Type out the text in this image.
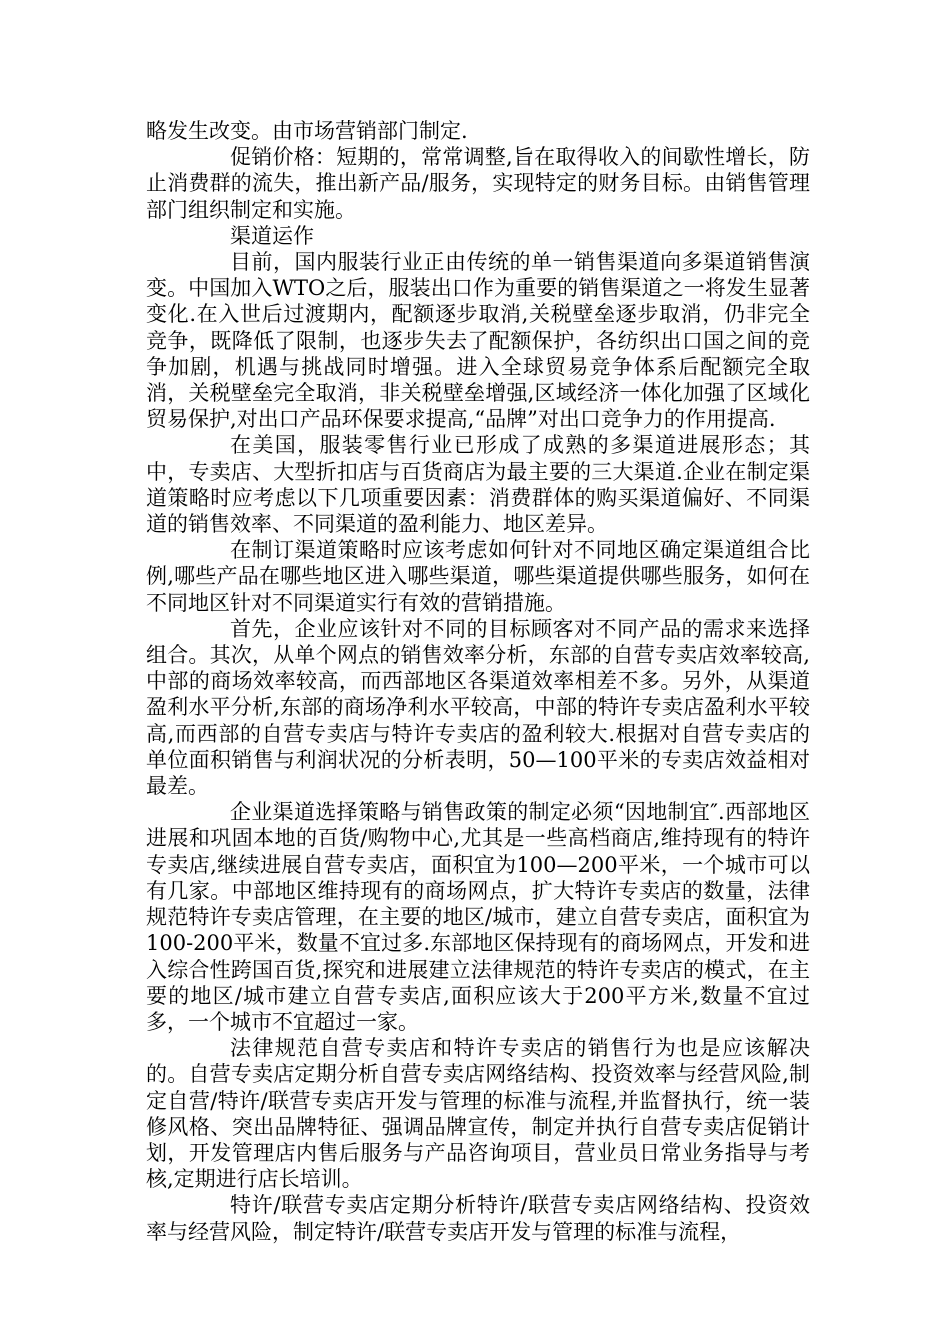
略发生改变。由市场营销部门制定.

促销价格：短期的，常常调整,旨在取得收入的间歇性增长，防止消费群的流失，推出新产品/服务，实现特定的财务目标。由销售管理部门组织制定和实施。

渠道运作

目前，国内服装行业正由传统的单一销售渠道向多渠道销售演变。中国加入WTO之后，服装出口作为重要的销售渠道之一将发生显著变化.在入世后过渡期内，配额逐步取消,关税壁垒逐步取消，仍非完全竞争，既降低了限制，也逐步失去了配额保护，各纺织出口国之间的竞争加剧，机遇与挑战同时增强。进入全球贸易竞争体系后配额完全取消，关税壁垒完全取消，非关税壁垒增强,区域经济一体化加强了区域化贸易保护,对出口产品环保要求提高,“品牌”对出口竞争力的作用提高.

在美国，服装零售行业已形成了成熟的多渠道进展形态；其中，专卖店、大型折扣店与百货商店为最主要的三大渠道.企业在制定渠道策略时应考虑以下几项重要因素：消费群体的购买渠道偏好、不同渠道的销售效率、不同渠道的盈利能力、地区差异。

在制订渠道策略时应该考虑如何针对不同地区确定渠道组合比例,哪些产品在哪些地区进入哪些渠道，哪些渠道提供哪些服务，如何在不同地区针对不同渠道实行有效的营销措施。

首先，企业应该针对不同的目标顾客对不同产品的需求来选择组合。其次，从单个网点的销售效率分析，东部的自营专卖店效率较高,中部的商场效率较高，而西部地区各渠道效率相差不多。另外，从渠道盈利水平分析,东部的商场净利水平较高，中部的特许专卖店盈利水平较高,而西部的自营专卖店与特许专卖店的盈利较大.根据对自营专卖店的单位面积销售与利润状况的分析表明，50—100平米的专卖店效益相对最差。

企业渠道选择策略与销售政策的制定必须“因地制宜″.西部地区进展和巩固本地的百货/购物中心,尤其是一些高档商店,维持现有的特许专卖店,继续进展自营专卖店，面积宜为100—200平米，一个城市可以有几家。中部地区维持现有的商场网点，扩大特许专卖店的数量，法律规范特许专卖店管理，在主要的地区/城市，建立自营专卖店，面积宜为100-200平米，数量不宜过多.东部地区保持现有的商场网点，开发和进入综合性跨国百货,探究和进展建立法律规范的特许专卖店的模式，在主要的地区/城市建立自营专卖店,面积应该大于200平方米,数量不宜过多，一个城市不宜超过一家。

法律规范自营专卖店和特许专卖店的销售行为也是应该解决的。自营专卖店定期分析自营专卖店网络结构、投资效率与经营风险,制定自营/特许/联营专卖店开发与管理的标准与流程,并监督执行，统一装修风格、突出品牌特征、强调品牌宣传，制定并执行自营专卖店促销计划，开发管理店内售后服务与产品咨询项目，营业员日常业务指导与考核,定期进行店长培训。

特许/联营专卖店定期分析特许/联营专卖店网络结构、投资效率与经营风险，制定特许/联营专卖店开发与管理的标准与流程，
